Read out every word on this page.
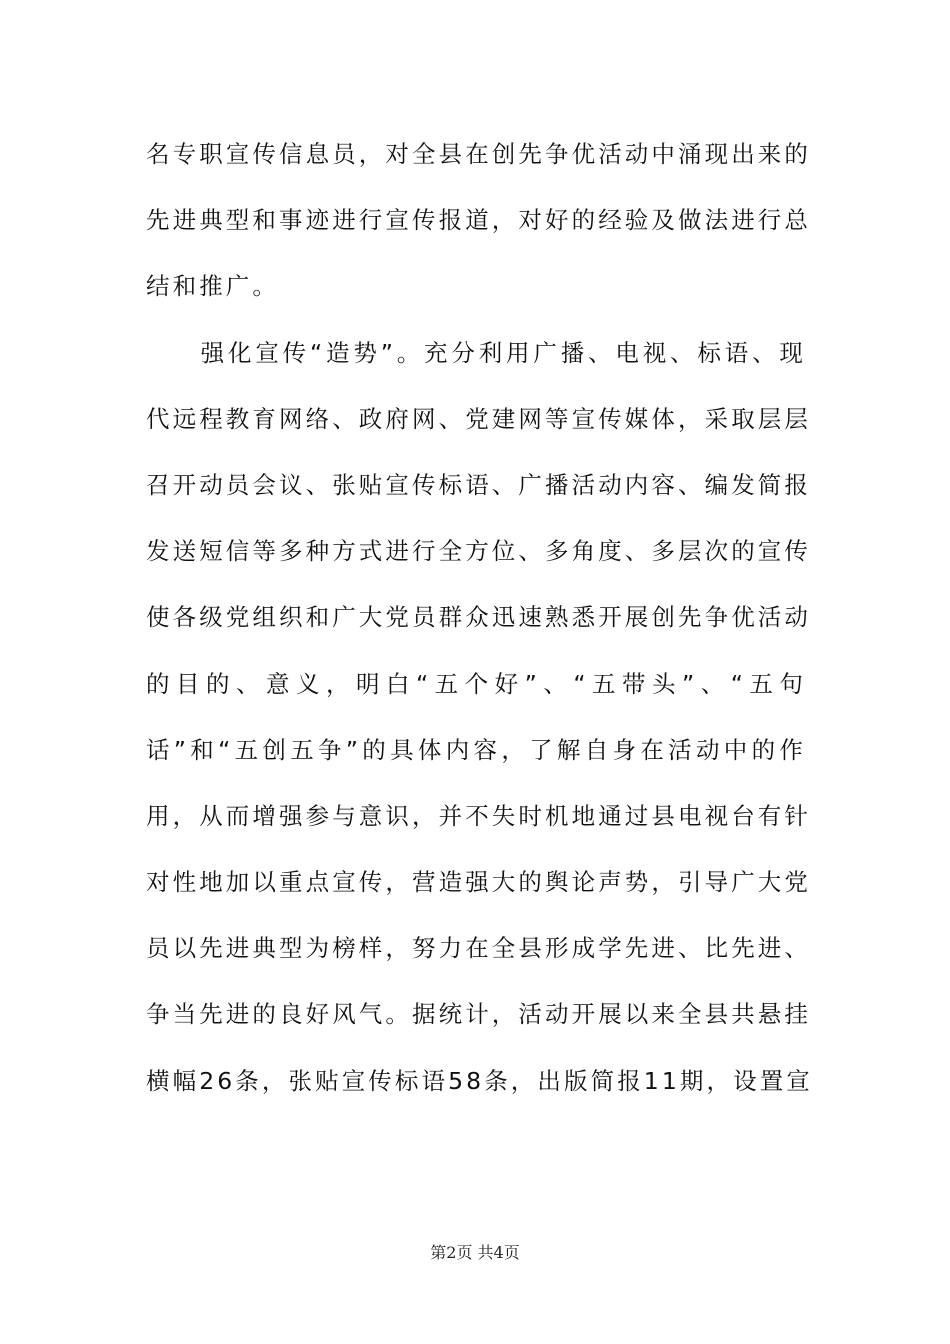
名专职宣传信息员，对全县在创先争优活动中涌现出来的
先进典型和事迹进行宣传报道，对好的经验及做法进行总
结和推广。
　　强化宣传“造势”。充分利用广播、电视、标语、现
代远程教育网络、政府网、党建网等宣传媒体，采取层层
召开动员会议、张贴宣传标语、广播活动内容、编发简报
发送短信等多种方式进行全方位、多角度、多层次的宣传
使各级党组织和广大党员群众迅速熟悉开展创先争优活动
的目的、意义，明白“五个好”、“五带头”、“五句
话”和“五创五争”的具体内容，了解自身在活动中的作
用，从而增强参与意识，并不失时机地通过县电视台有针
对性地加以重点宣传，营造强大的舆论声势，引导广大党
员以先进典型为榜样，努力在全县形成学先进、比先进、
争当先进的良好风气。据统计，活动开展以来全县共悬挂
横幅26条，张贴宣传标语58条，出版简报11期，设置宣
第2页 共4页
